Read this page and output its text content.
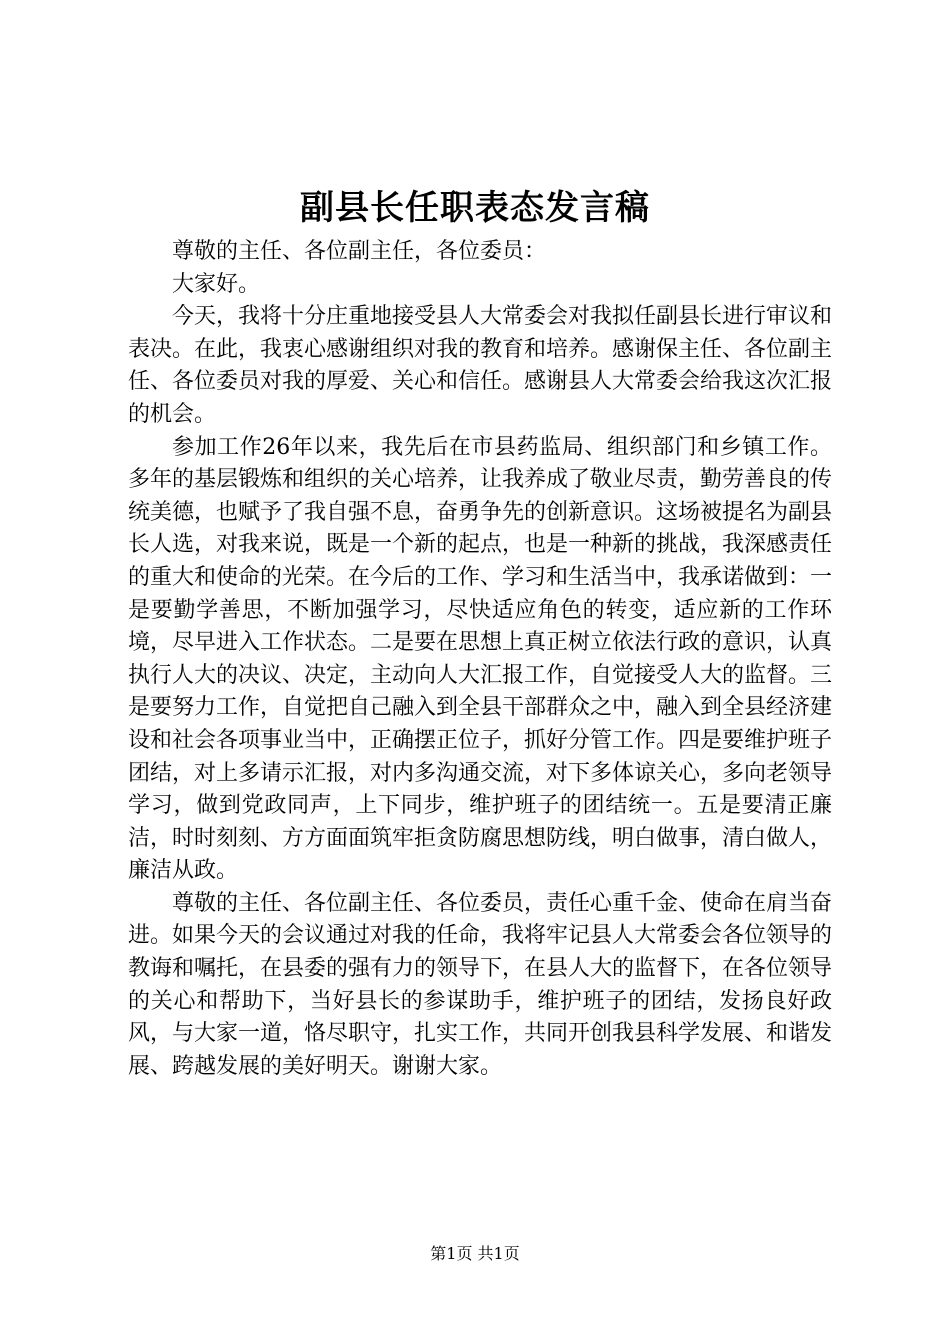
副县长任职表态发言稿

尊敬的主任、各位副主任，各位委员：

大家好。

今天，我将十分庄重地接受县人大常委会对我拟任副县长进行审议和表决。在此，我衷心感谢组织对我的教育和培养。感谢保主任、各位副主任、各位委员对我的厚爱、关心和信任。感谢县人大常委会给我这次汇报的机会。

参加工作26年以来，我先后在市县药监局、组织部门和乡镇工作。多年的基层锻炼和组织的关心培养，让我养成了敬业尽责，勤劳善良的传统美德，也赋予了我自强不息，奋勇争先的创新意识。这场被提名为副县长人选，对我来说，既是一个新的起点，也是一种新的挑战，我深感责任的重大和使命的光荣。在今后的工作、学习和生活当中，我承诺做到：一是要勤学善思，不断加强学习，尽快适应角色的转变，适应新的工作环境，尽早进入工作状态。二是要在思想上真正树立依法行政的意识，认真执行人大的决议、决定，主动向人大汇报工作，自觉接受人大的监督。三是要努力工作，自觉把自己融入到全县干部群众之中，融入到全县经济建设和社会各项事业当中，正确摆正位子，抓好分管工作。四是要维护班子团结，对上多请示汇报，对内多沟通交流，对下多体谅关心，多向老领导学习，做到党政同声，上下同步，维护班子的团结统一。五是要清正廉洁，时时刻刻、方方面面筑牢拒贪防腐思想防线，明白做事，清白做人，廉洁从政。

尊敬的主任、各位副主任、各位委员，责任心重千金、使命在肩当奋进。如果今天的会议通过对我的任命，我将牢记县人大常委会各位领导的教诲和嘱托，在县委的强有力的领导下，在县人大的监督下，在各位领导的关心和帮助下，当好县长的参谋助手，维护班子的团结，发扬良好政风，与大家一道，恪尽职守，扎实工作，共同开创我县科学发展、和谐发展、跨越发展的美好明天。谢谢大家。

第1页 共1页
